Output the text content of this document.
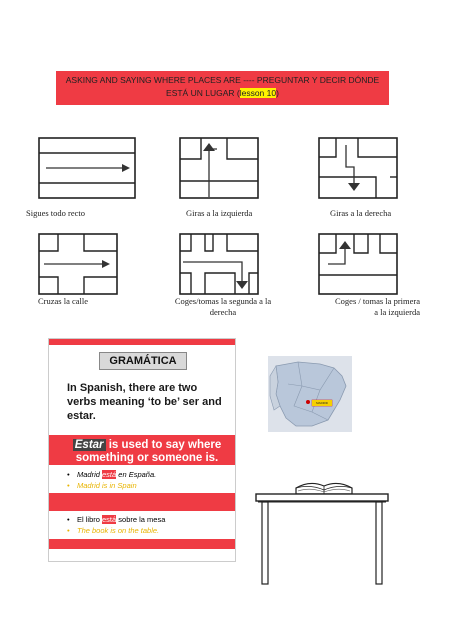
ASKING AND SAYING WHERE PLACES ARE ---- PREGUNTAR Y DECIR DÓNDE ESTÁ UN LUGAR (lesson 10)
Sigues todo recto	Giras a la izquierda	Giras a la derecha
Cruzas la calle	Coges/tomas la segunda a la
derecha
Coges / tomas la primera
a la izquierda
GRAMÁTICA
In Spanish, there are two verbs meaning ‘to be’ ser and estar.
Estar is used to say where something or someone is.
• Madrid está en España.
• Madrid is in Spain
• El libro está sobre la mesa
• The book is on the table.
MADRID
